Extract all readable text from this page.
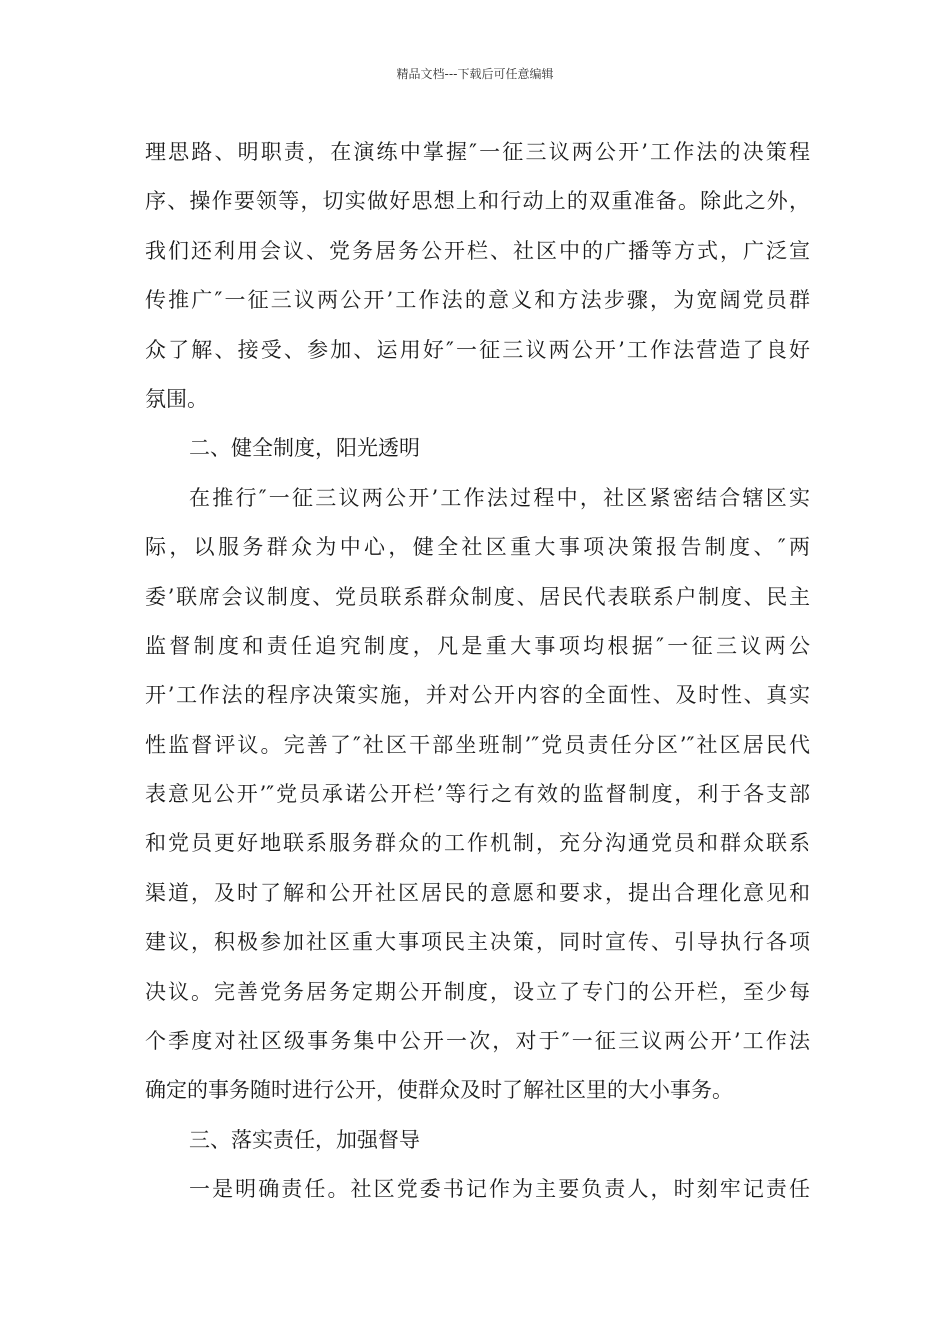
精品文档---下载后可任意编辑
理思路、明职责，在演练中掌握″一征三议两公开’工作法的决策程
序、操作要领等，切实做好思想上和行动上的双重准备。除此之外，
我们还利用会议、党务居务公开栏、社区中的广播等方式，广泛宣
传推广″一征三议两公开’工作法的意义和方法步骤，为宽阔党员群
众了解、接受、参加、运用好″一征三议两公开’工作法营造了良好
氛围。
二、健全制度，阳光透明
在推行″一征三议两公开’工作法过程中，社区紧密结合辖区实
际，以服务群众为中心，健全社区重大事项决策报告制度、″两
委’联席会议制度、党员联系群众制度、居民代表联系户制度、民主
监督制度和责任追究制度，凡是重大事项均根据″一征三议两公
开’工作法的程序决策实施，并对公开内容的全面性、及时性、真实
性监督评议。完善了″社区干部坐班制’″党员责任分区’″社区居民代
表意见公开’″党员承诺公开栏’等行之有效的监督制度，利于各支部
和党员更好地联系服务群众的工作机制，充分沟通党员和群众联系
渠道，及时了解和公开社区居民的意愿和要求，提出合理化意见和
建议，积极参加社区重大事项民主决策，同时宣传、引导执行各项
决议。完善党务居务定期公开制度，设立了专门的公开栏，至少每
个季度对社区级事务集中公开一次，对于″一征三议两公开’工作法
确定的事务随时进行公开，使群众及时了解社区里的大小事务。
三、落实责任，加强督导
一是明确责任。社区党委书记作为主要负责人，时刻牢记责任
